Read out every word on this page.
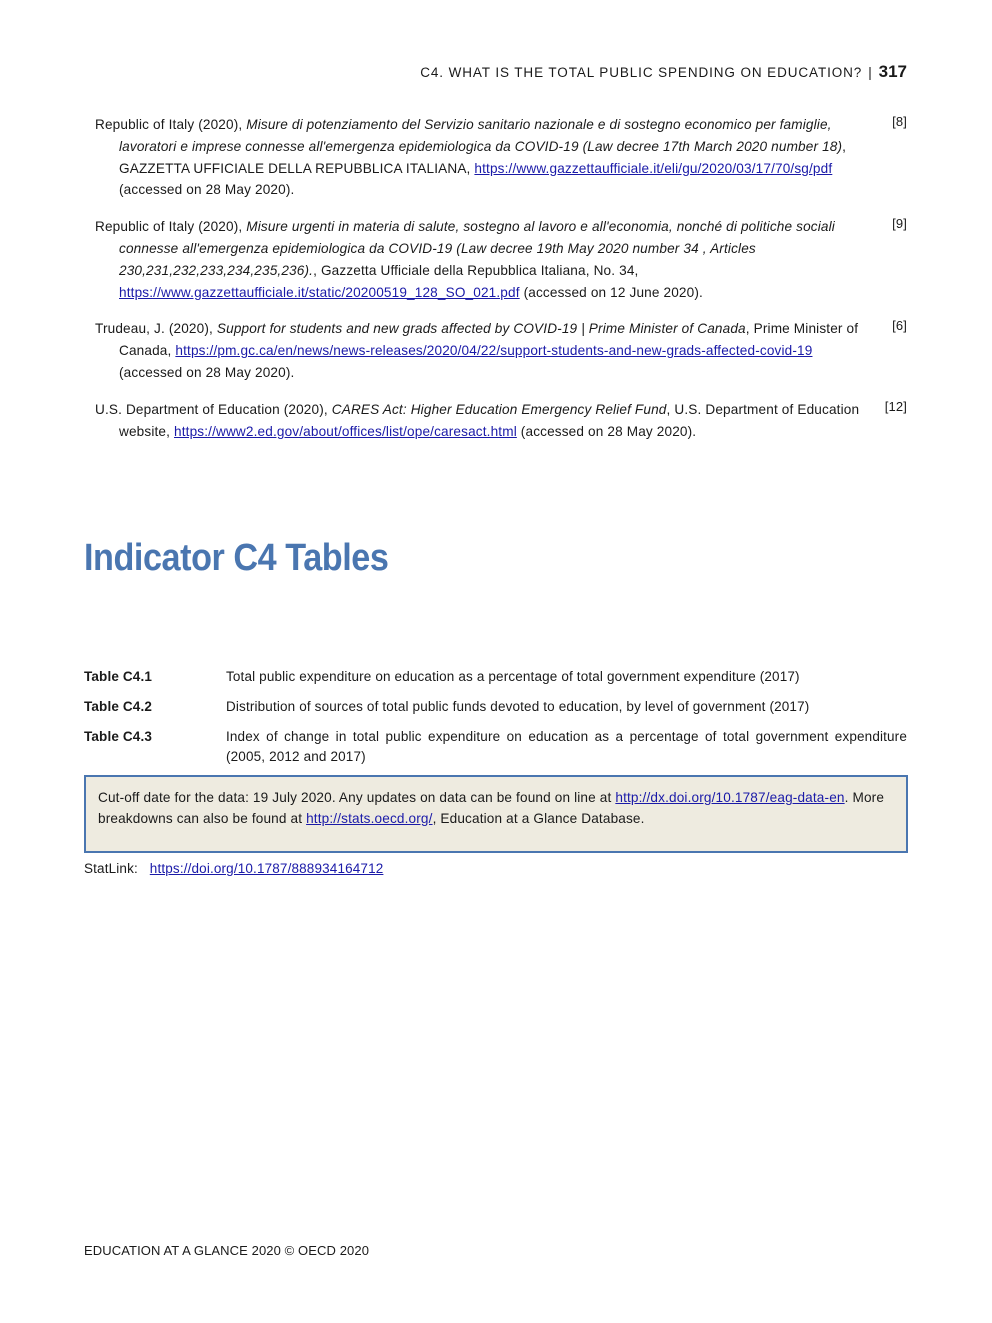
C4. WHAT IS THE TOTAL PUBLIC SPENDING ON EDUCATION? | 317
Republic of Italy (2020), Misure di potenziamento del Servizio sanitario nazionale e di sostegno economico per famiglie, lavoratori e imprese connesse all'emergenza epidemiologica da COVID-19 (Law decree 17th March 2020 number 18), GAZZETTA UFFICIALE DELLA REPUBBLICA ITALIANA, https://www.gazzettaufficiale.it/eli/gu/2020/03/17/70/sg/pdf (accessed on 28 May 2020).
[8]
Republic of Italy (2020), Misure urgenti in materia di salute, sostegno al lavoro e all'economia, nonché di politiche sociali connesse all'emergenza epidemiologica da COVID-19 (Law decree 19th May 2020 number 34 , Articles 230,231,232,233,234,235,236)., Gazzetta Ufficiale della Repubblica Italiana, No. 34, https://www.gazzettaufficiale.it/static/20200519_128_SO_021.pdf (accessed on 12 June 2020).
[9]
Trudeau, J. (2020), Support for students and new grads affected by COVID-19 | Prime Minister of Canada, Prime Minister of Canada, https://pm.gc.ca/en/news/news-releases/2020/04/22/support-students-and-new-grads-affected-covid-19 (accessed on 28 May 2020).
[6]
U.S. Department of Education (2020), CARES Act: Higher Education Emergency Relief Fund, U.S. Department of Education website, https://www2.ed.gov/about/offices/list/ope/caresact.html (accessed on 28 May 2020).
[12]
Indicator C4 Tables
Table C4.1	Total public expenditure on education as a percentage of total government expenditure (2017)
Table C4.2	Distribution of sources of total public funds devoted to education, by level of government (2017)
Table C4.3	Index of change in total public expenditure on education as a percentage of total government expenditure (2005, 2012 and 2017)
Cut-off date for the data: 19 July 2020. Any updates on data can be found on line at http://dx.doi.org/10.1787/eag-data-en. More breakdowns can also be found at http://stats.oecd.org/, Education at a Glance Database.
StatLink: https://doi.org/10.1787/888934164712
EDUCATION AT A GLANCE 2020 © OECD 2020
